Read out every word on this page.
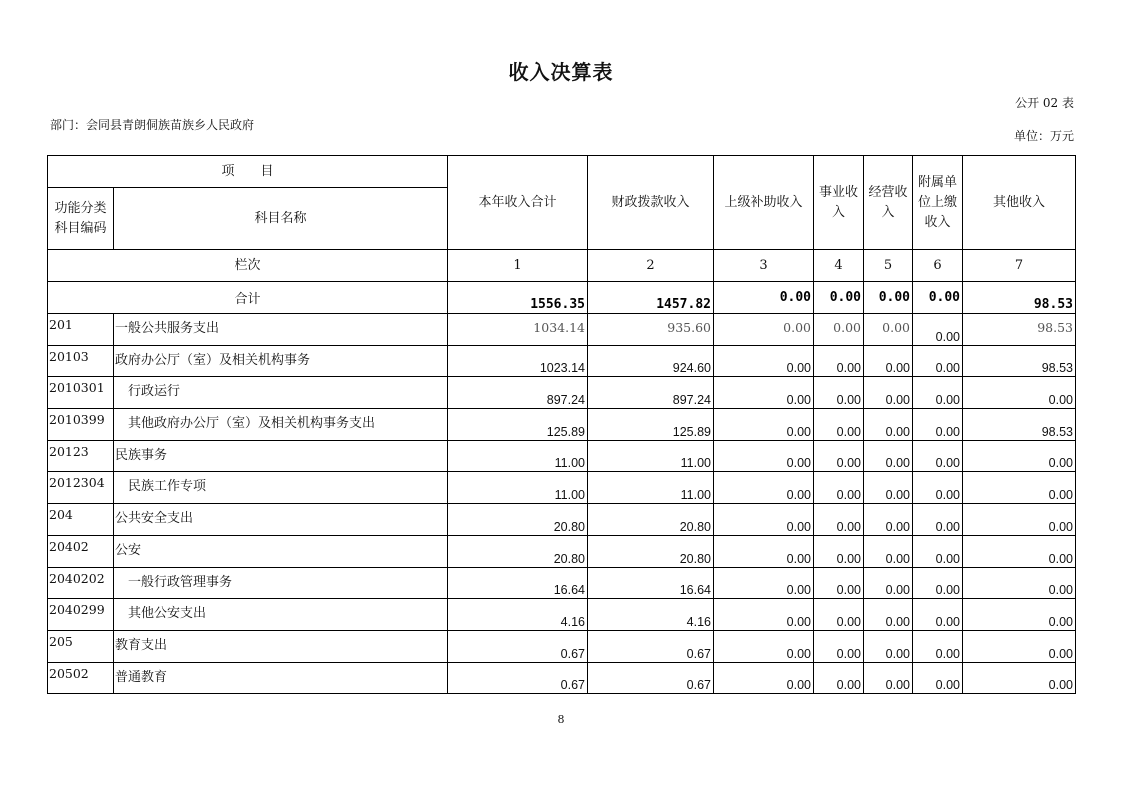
收入决算表
公开 02 表
部门：会同县青朗侗族苗族乡人民政府
单位：万元
项　　目		本年收入合计	财政拨款收入	上级补助收入	事业收入	经营收入	附属单位上缴收入	其他收入
功能分类科目编码	科目名称							
栏次		1	2	3	4	5	6	7
合计		1556.35	1457.82	0.00	0.00	0.00	0.00	98.53
201	一般公共服务支出	1034.14	935.60	0.00	0.00	0.00	0.00	98.53
20103	政府办公厅（室）及相关机构事务	1023.14	924.60	0.00	0.00	0.00	0.00	98.53
2010301	行政运行	897.24	897.24	0.00	0.00	0.00	0.00	0.00
2010399	其他政府办公厅（室）及相关机构事务支出	125.89	125.89	0.00	0.00	0.00	0.00	98.53
20123	民族事务	11.00	11.00	0.00	0.00	0.00	0.00	0.00
2012304	民族工作专项	11.00	11.00	0.00	0.00	0.00	0.00	0.00
204	公共安全支出	20.80	20.80	0.00	0.00	0.00	0.00	0.00
20402	公安	20.80	20.80	0.00	0.00	0.00	0.00	0.00
2040202	一般行政管理事务	16.64	16.64	0.00	0.00	0.00	0.00	0.00
2040299	其他公安支出	4.16	4.16	0.00	0.00	0.00	0.00	0.00
205	教育支出	0.67	0.67	0.00	0.00	0.00	0.00	0.00
20502	普通教育	0.67	0.67	0.00	0.00	0.00	0.00	0.00
8
